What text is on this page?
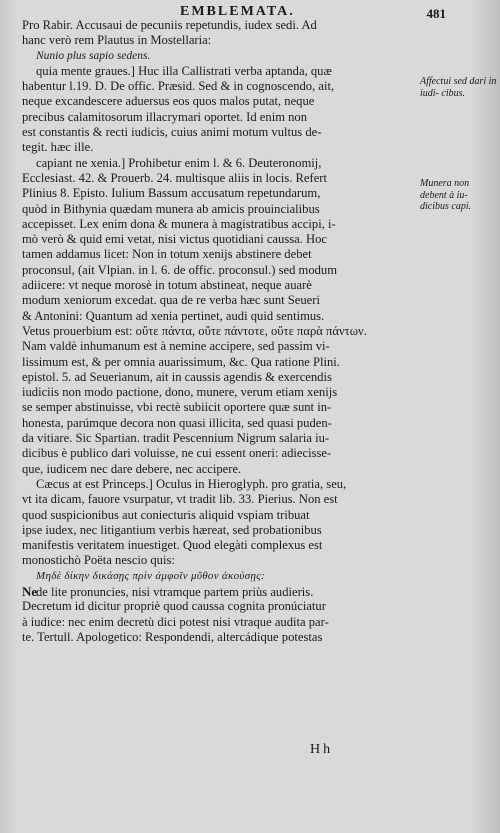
EMBLEMATA.	481
Pro Rabir. Accusaui de pecuniis repetundis, iudex sedi. Ad
hanc verò rem Plautus in Mostellaria:
Nunio plus sapio sedens.
quia mente graues.] Huc illa Callistrati verba aptanda, quæ
habentur l.19. D. De offic. Præsid. Sed & in cognoscendo, ait,
neque excandescere aduersus eos quos malos putat, neque
precibus calamitosorum illacrymari oportet. Id enim non
est constantis & recti iudicis, cuius animi motum vultus de-
tegit. hæc ille.
capiant ne xenia.] Prohibetur enim l. & 6. Deuteronomij,
Ecclesiast. 42. & Prouerb. 24. multisque aliis in locis. Refert
Plinius 8. Episto. Iulium Bassum accusatum repetundarum,
quòd in Bithynia quædam munera ab amicis prouincialibus
accepisset. Lex enim dona & munera à magistratibus accipi, i-
mò verò & quid emi vetat, nisi victus quotidiani caussa. Hoc
tamen addamus licet: Non in totum xenijs abstinere debet
proconsul, (ait Vlpian. in l. 6. de offic. proconsul.) sed modum
adiicere: vt neque morosè in totum abstineat, neque auarè
modum xeniorum excedat. qua de re verba hæc sunt Seueri
& Antonini: Quantum ad xenia pertinet, audi quid sentimus.
Vetus prouerbium est: οὔτε πάντα, οὔτε πάντοτε, οὔτε παρὰ πάντων.
Nam valdè inhumanum est à nemine accipere, sed passim vi-
lissimum est, & per omnia auarissimum, &c. Qua ratione Plini.
epistol. 5. ad Seuerianum, ait in caussis agendis & exercendis
iudiciis non modo pactione, dono, munere, verum etiam xenijs
se semper abstinuisse, vbi rectè subiicit oportere quæ sunt in-
honesta, parúmque decora non quasi illicita, sed quasi puden-
da vitiare. Sic Spartian. tradit Pescennium Nigrum salaria iu-
dicibus è publico dari voluisse, ne cui essent oneri: adiecisse-
que, iudicem nec dare debere, nec accipere.
Cæcus at est Princeps.] Oculus in Hieroglyph. pro gratia, seu,
vt ita dicam, fauore vsurpatur, vt tradit lib. 33. Pierius. Non est
quod suspicionibus aut coniecturis aliquid vspiam tribuat
ipse iudex, nec litigantium verbis hæreat, sed probationibus
manifestis veritatem inuestiget. Quod elegàti complexus est
monostichò Poëta nescio quis:
Μηδὲ δίκην δικάσῃς πρὶν ἀμφοῖν μῦθον ἀκούσῃς:
Nede lite pronuncies, nisi vtramque partem priùs audieris.
Decretum id dicitur propriè quod caussa cognita pronúciatur
à iudice: nec enim decretù dici potest nisi vtraque audita par-
te. Tertull. Apologetico: Respondendi, altercádique potestas
Affectui sed dari in iudi- cibus.
Munera non debent à iu- dicibus capi.
Hh
